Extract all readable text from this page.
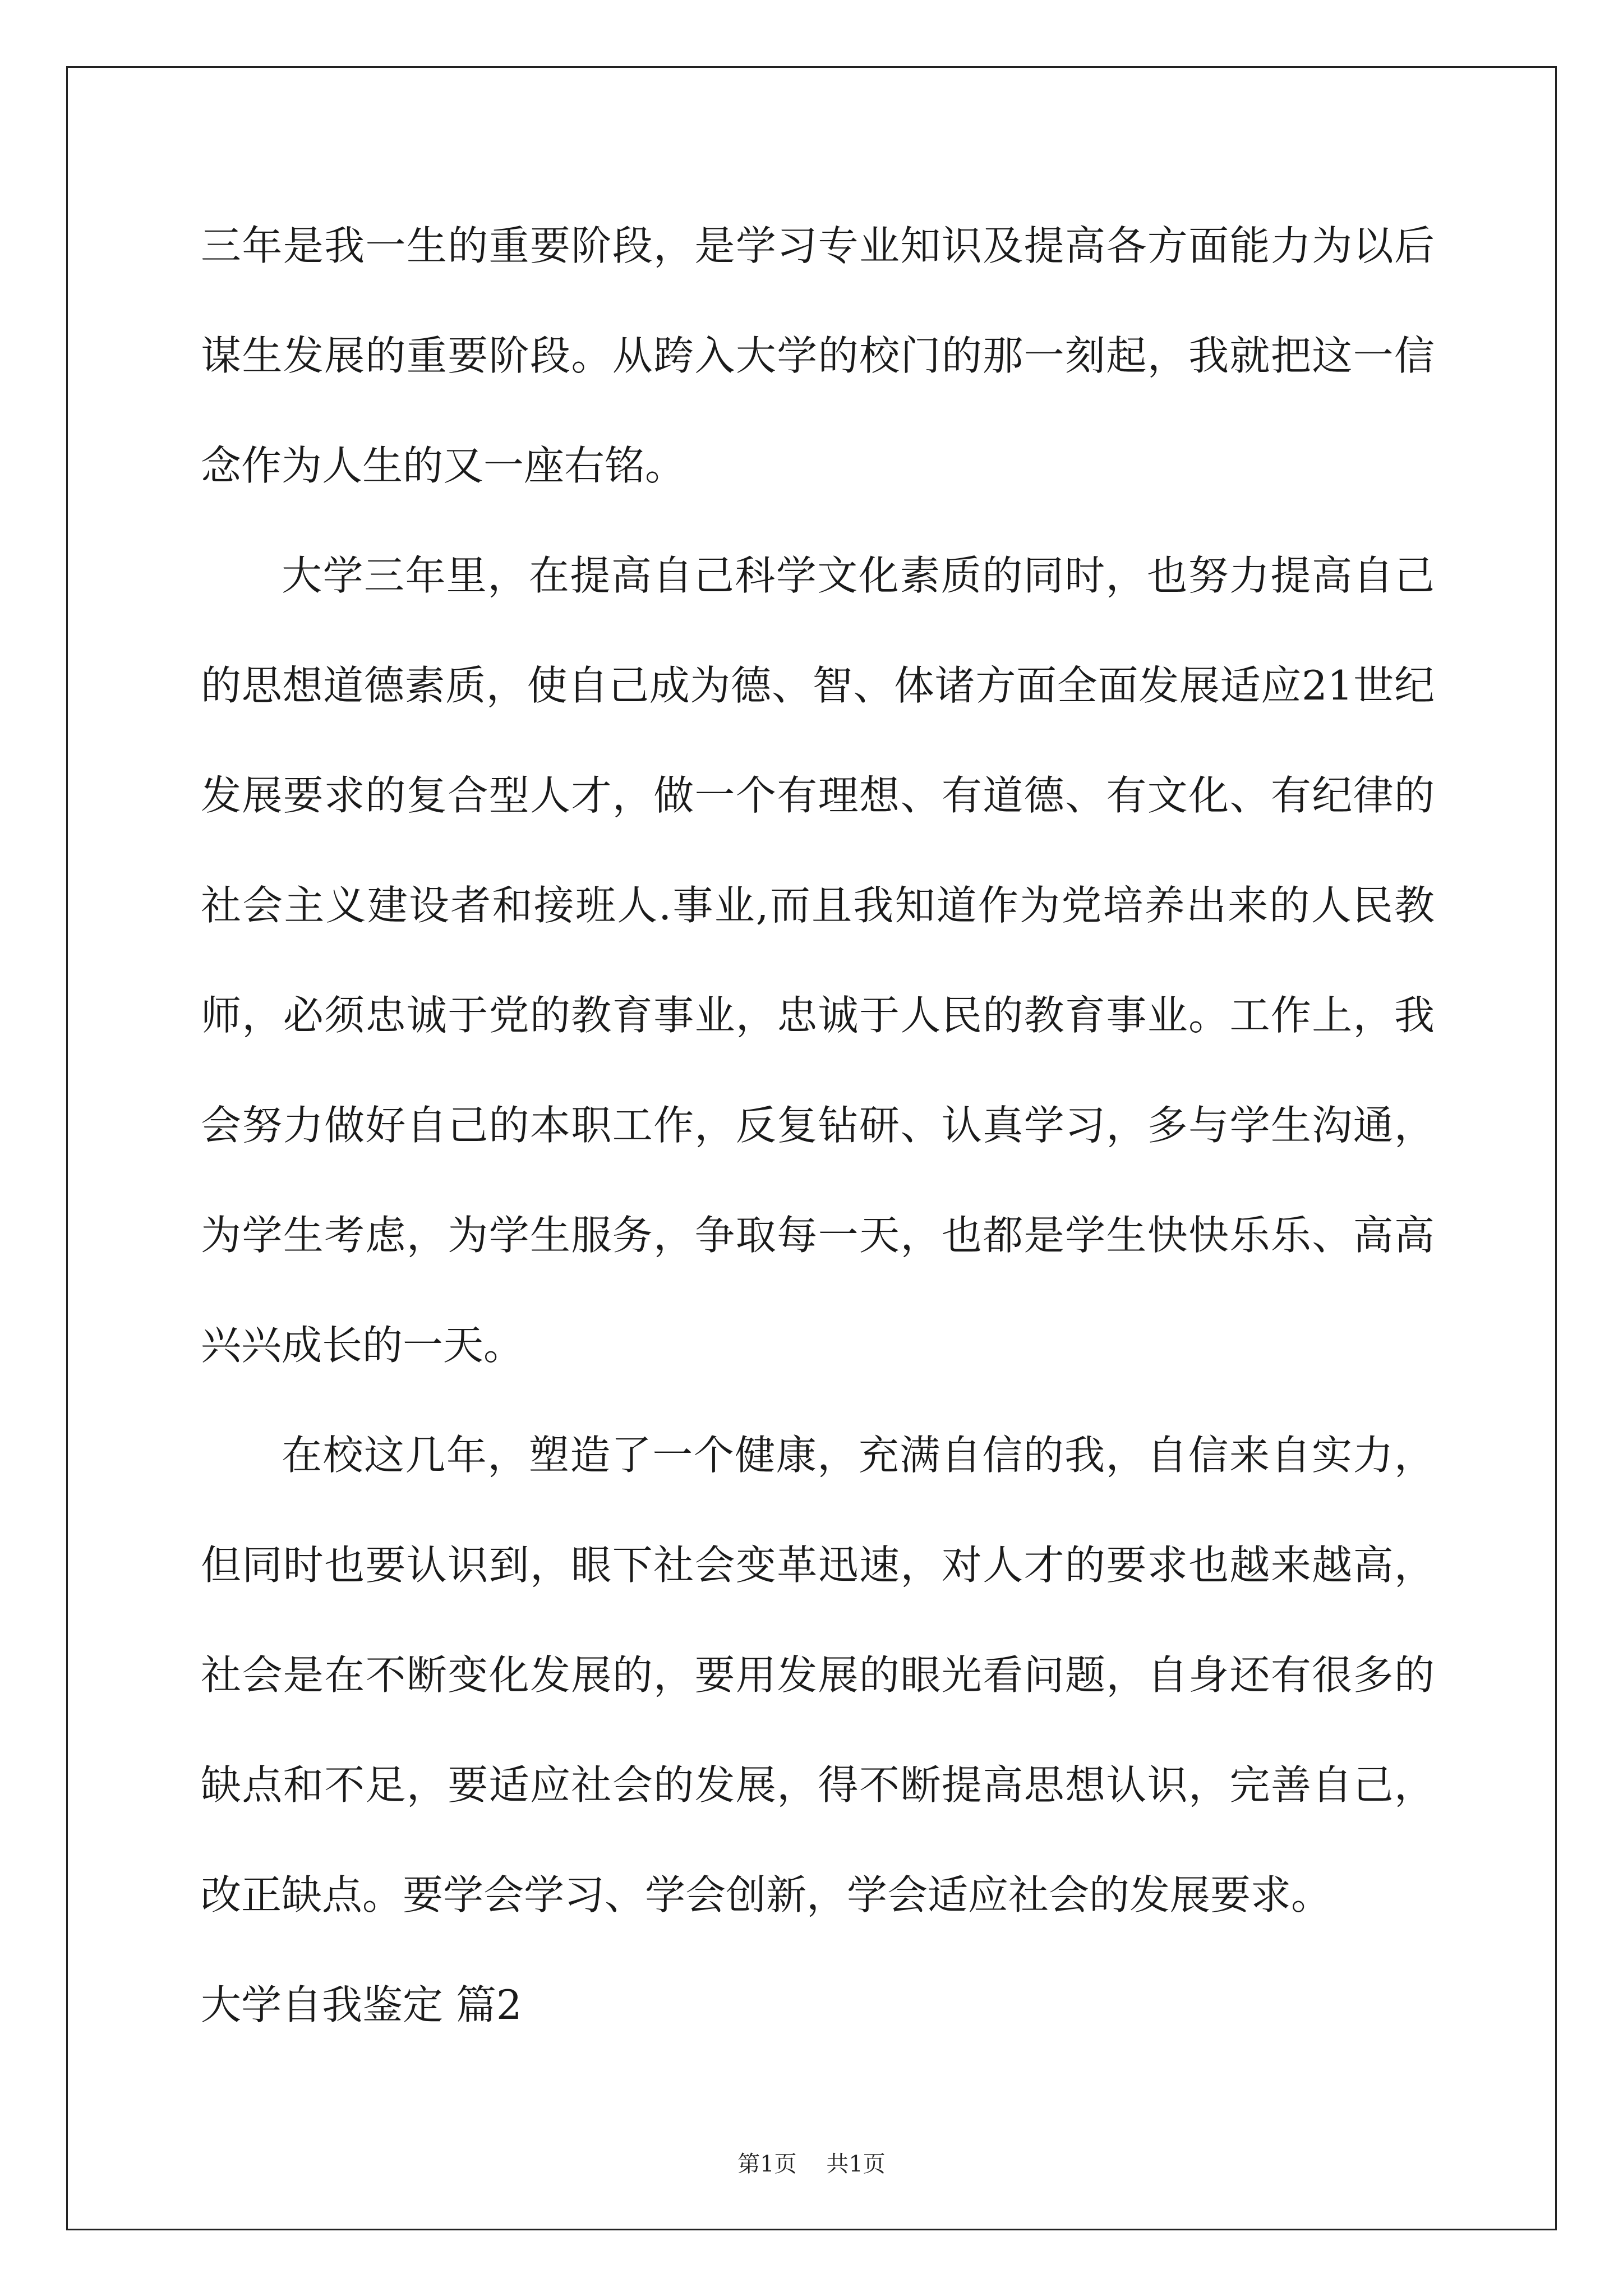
三年是我一生的重要阶段，是学习专业知识及提高各方面能力为以后谋生发展的重要阶段。从跨入大学的校门的那一刻起，我就把这一信念作为人生的又一座右铭。

大学三年里，在提高自己科学文化素质的同时，也努力提高自己的思想道德素质，使自己成为德、智、体诸方面全面发展适应21世纪发展要求的复合型人才，做一个有理想、有道德、有文化、有纪律的社会主义建设者和接班人.事业,而且我知道作为党培养出来的人民教师，必须忠诚于党的教育事业，忠诚于人民的教育事业。工作上，我会努力做好自己的本职工作，反复钻研、认真学习，多与学生沟通，为学生考虑，为学生服务，争取每一天，也都是学生快快乐乐、高高兴兴成长的一天。

在校这几年，塑造了一个健康，充满自信的我，自信来自实力，但同时也要认识到，眼下社会变革迅速，对人才的要求也越来越高，社会是在不断变化发展的，要用发展的眼光看问题，自身还有很多的缺点和不足，要适应社会的发展，得不断提高思想认识，完善自己，改正缺点。要学会学习、学会创新，学会适应社会的发展要求。

大学自我鉴定 篇2
第1页 共1页
